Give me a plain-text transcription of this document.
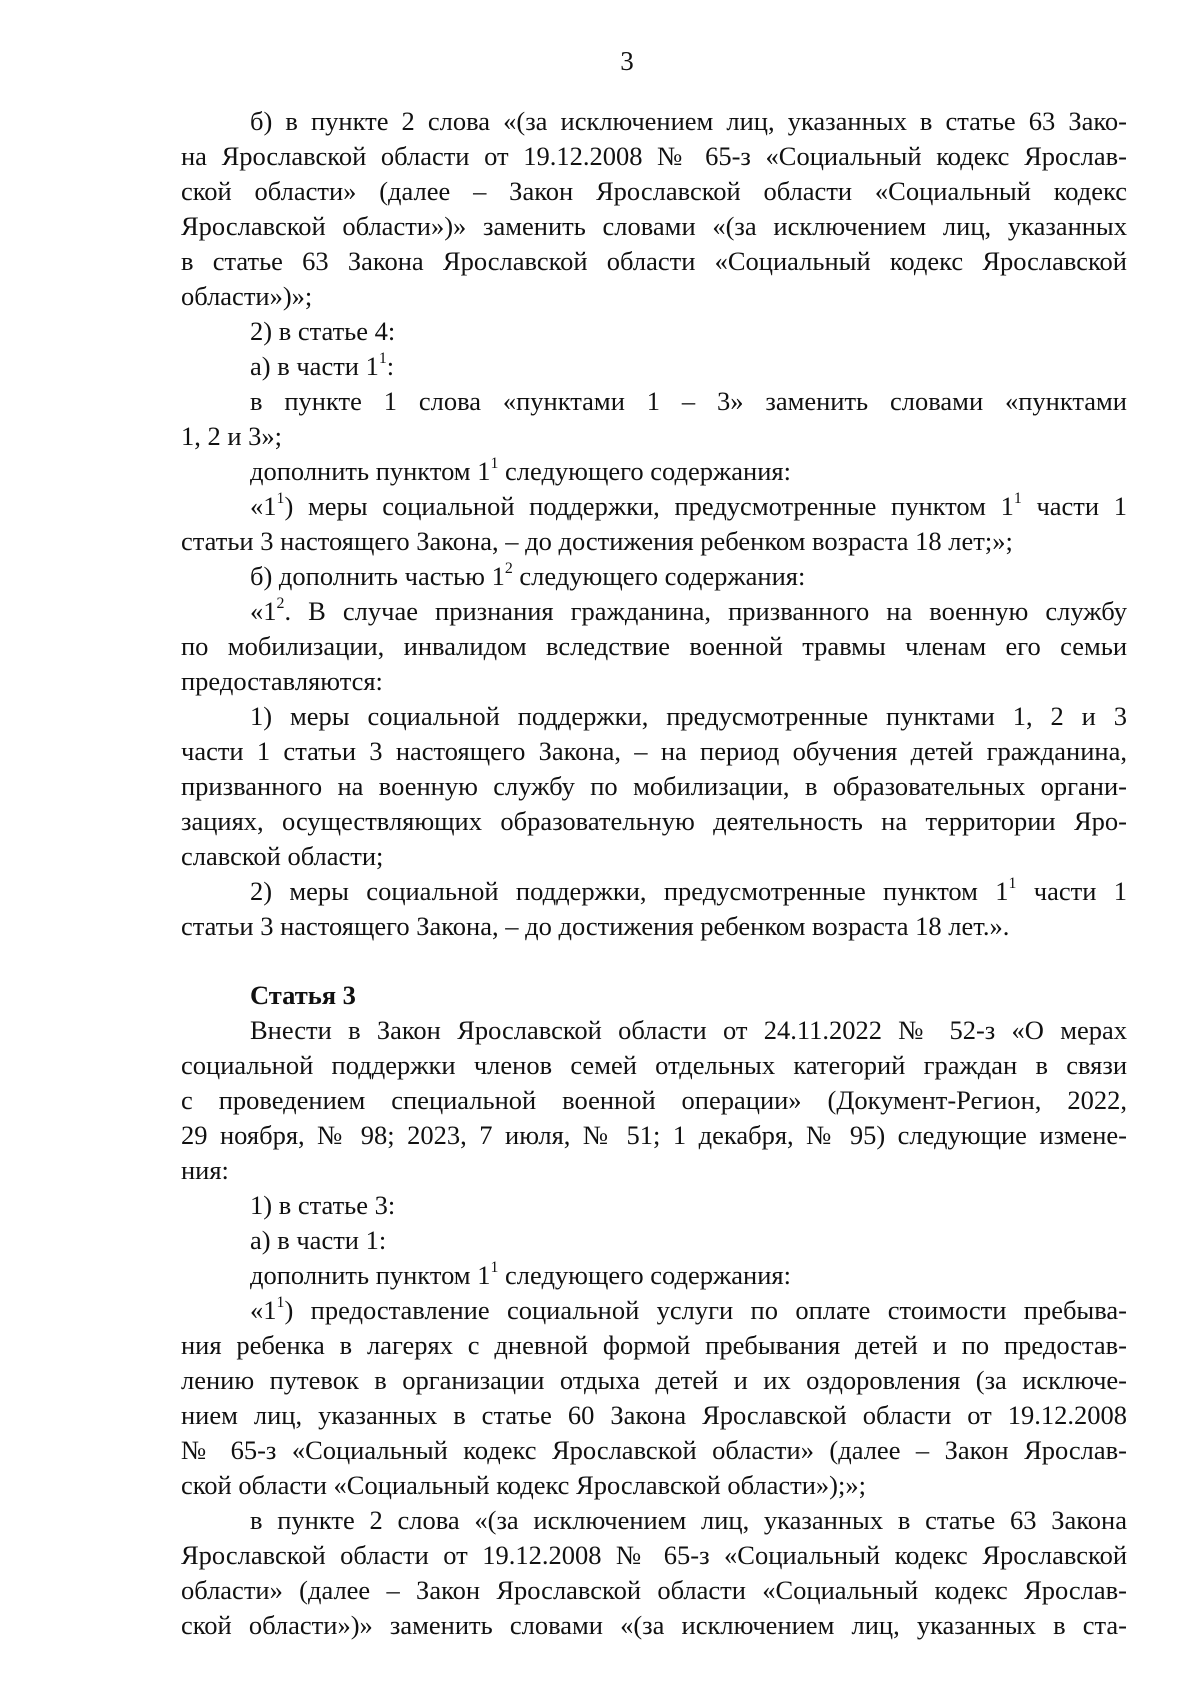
3
б) в пункте 2 слова «(за исключением лиц, указанных в статье 63 Зако-
на Ярославской области от 19.12.2008 № 65-з «Социальный кодекс Ярослав-
ской области» (далее – Закон Ярославской области «Социальный кодекс
Ярославской области»)» заменить словами «(за исключением лиц, указанных
в статье 63 Закона Ярославской области «Социальный кодекс Ярославской
области»)»;
2) в статье 4:
а) в части $1^1$:
в пункте 1 слова «пунктами 1 – 3» заменить словами «пунктами
1, 2 и 3»;
дополнить пунктом $1^1$ следующего содержания:
«$1^1$) меры социальной поддержки, предусмотренные пунктом $1^1$ части 1
статьи 3 настоящего Закона, – до достижения ребенком возраста 18 лет;»;
б) дополнить частью $1^2$ следующего содержания:
«$1^2$. В случае признания гражданина, призванного на военную службу
по мобилизации, инвалидом вследствие военной травмы членам его семьи
предоставляются:
1) меры социальной поддержки, предусмотренные пунктами 1, 2 и 3
части 1 статьи 3 настоящего Закона, – на период обучения детей гражданина,
призванного на военную службу по мобилизации, в образовательных органи-
зациях, осуществляющих образовательную деятельность на территории Яро-
славской области;
2) меры социальной поддержки, предусмотренные пунктом $1^1$ части 1
статьи 3 настоящего Закона, – до достижения ребенком возраста 18 лет.».
Статья 3
Внести в Закон Ярославской области от 24.11.2022 № 52-з «О мерах
социальной поддержки членов семей отдельных категорий граждан в связи
с проведением специальной военной операции» (Документ-Регион, 2022,
29 ноября, № 98; 2023, 7 июля, № 51; 1 декабря, № 95) следующие измене-
ния:
1) в статье 3:
а) в части 1:
дополнить пунктом $1^1$ следующего содержания:
«$1^1$) предоставление социальной услуги по оплате стоимости пребыва-
ния ребенка в лагерях с дневной формой пребывания детей и по предостав-
лению путевок в организации отдыха детей и их оздоровления (за исключе-
нием лиц, указанных в статье 60 Закона Ярославской области от 19.12.2008
№ 65-з «Социальный кодекс Ярославской области» (далее – Закон Ярослав-
ской области «Социальный кодекс Ярославской области»);»;
в пункте 2 слова «(за исключением лиц, указанных в статье 63 Закона
Ярославской области от 19.12.2008 № 65-з «Социальный кодекс Ярославской
области» (далее – Закон Ярославской области «Социальный кодекс Ярослав-
ской области»)» заменить словами «(за исключением лиц, указанных в ста-
